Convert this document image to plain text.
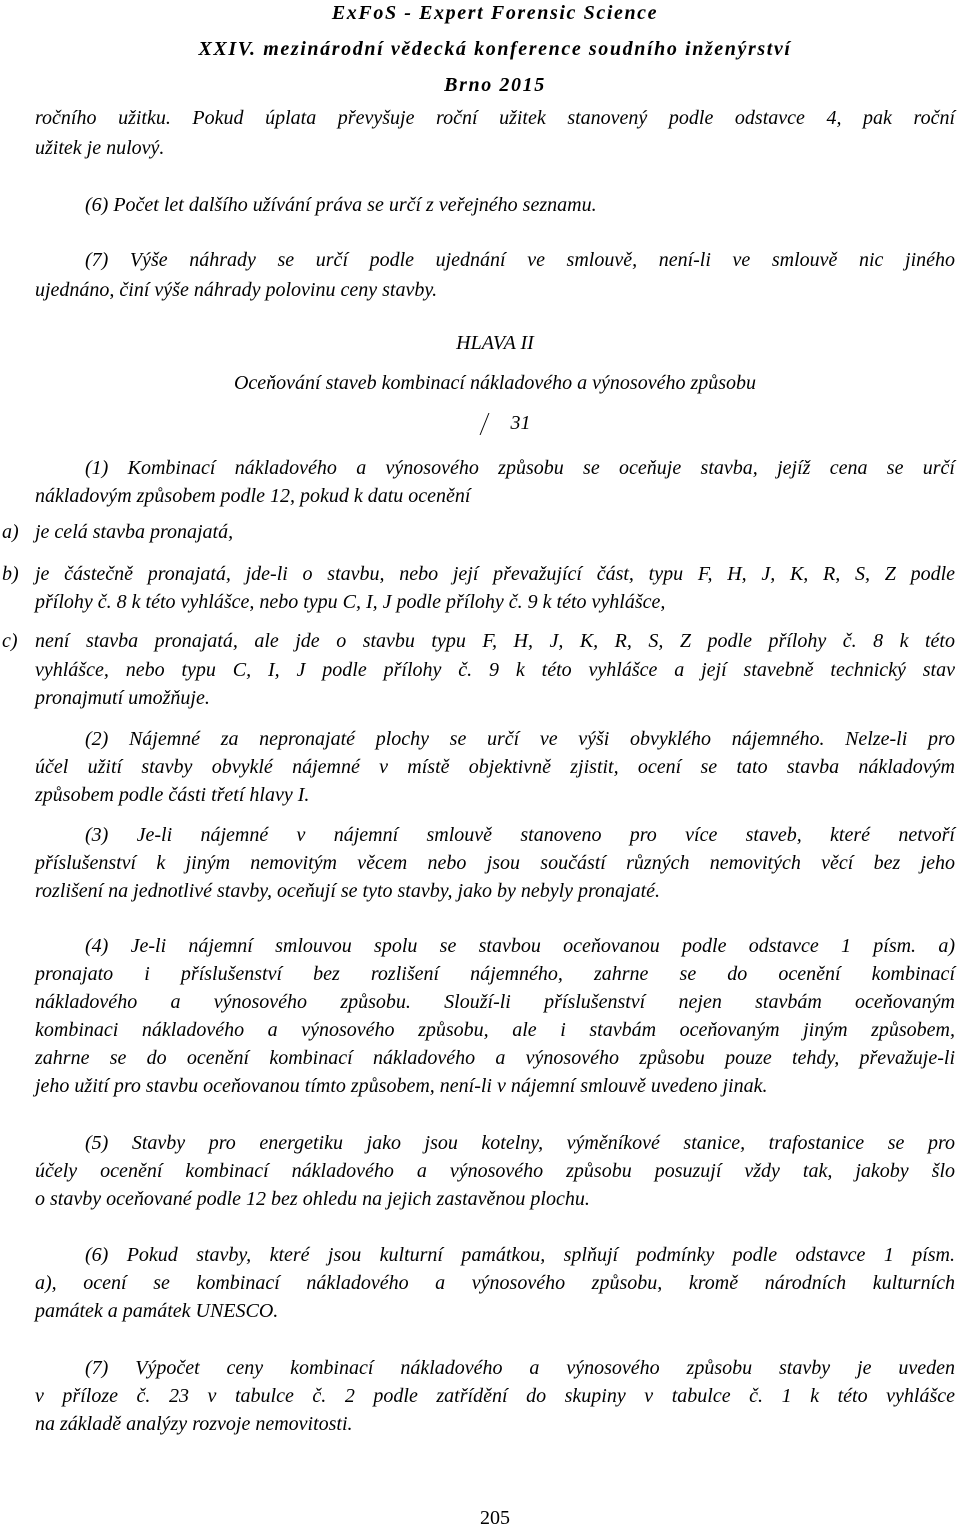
ExFoS - Expert Forensic Science
XXIV. mezinárodní vědecká konference soudního inženýrství
Brno 2015
ročního užitku. Pokud úplata převyšuje roční užitek stanovený podle odstavce 4, pak roční
užitek je nulový.
(6) Počet let dalšího užívání práva se určí z veřejného seznamu.
(7) Výše náhrady se určí podle ujednání ve smlouvě, není-li ve smlouvě nic jiného
ujednáno, činí výše náhrady polovinu ceny stavby.
HLAVA II
Oceňování staveb kombinací nákladového a výnosového způsobu
31
(1) Kombinací nákladového a výnosového způsobu se oceňuje stavba, jejíž cena se určí
nákladovým způsobem podle 12, pokud k datu ocenění
a) je celá stavba pronajatá,
b) je částečně pronajatá, jde-li o stavbu, nebo její převažující část, typu F, H, J, K, R, S, Z podle
přílohy č. 8 k této vyhlášce, nebo typu C, I, J podle přílohy č. 9 k této vyhlášce,
c) není stavba pronajatá, ale jde o stavbu typu F, H, J, K, R, S, Z podle přílohy č. 8 k této
vyhlášce, nebo typu C, I, J podle přílohy č. 9 k této vyhlášce a její stavebně technický stav
pronajmutí umožňuje.
(2) Nájemné za nepronajaté plochy se určí ve výši obvyklého nájemného. Nelze-li pro
účel užití stavby obvyklé nájemné v místě objektivně zjistit, ocení se tato stavba nákladovým
způsobem podle části třetí hlavy I.
(3) Je-li nájemné v nájemní smlouvě stanoveno pro více staveb, které netvoří
příslušenství k jiným nemovitým věcem nebo jsou součástí různých nemovitých věcí bez jeho
rozlišení na jednotlivé stavby, oceňují se tyto stavby, jako by nebyly pronajaté.
(4) Je-li nájemní smlouvou spolu se stavbou oceňovanou podle odstavce 1 písm. a)
pronajato i příslušenství bez rozlišení nájemného, zahrne se do ocenění kombinací
nákladového a výnosového způsobu. Slouží-li příslušenství nejen stavbám oceňovaným
kombinaci nákladového a výnosového způsobu, ale i stavbám oceňovaným jiným způsobem,
zahrne se do ocenění kombinací nákladového a výnosového způsobu pouze tehdy, převažuje-li
jeho užití pro stavbu oceňovanou tímto způsobem, není-li v nájemní smlouvě uvedeno jinak.
(5) Stavby pro energetiku jako jsou kotelny, výměníkové stanice, trafostanice se pro
účely ocenění kombinací nákladového a výnosového způsobu posuzují vždy tak, jakoby šlo
o stavby oceňované podle 12 bez ohledu na jejich zastavěnou plochu.
(6) Pokud stavby, které jsou kulturní památkou, splňují podmínky podle odstavce 1 písm.
a), ocení se kombinací nákladového a výnosového způsobu, kromě národních kulturních
památek a památek UNESCO.
(7) Výpočet ceny kombinací nákladového a výnosového způsobu stavby je uveden
v příloze č. 23 v tabulce č. 2 podle zatřídění do skupiny v tabulce č. 1 k této vyhlášce
na základě analýzy rozvoje nemovitosti.
205
